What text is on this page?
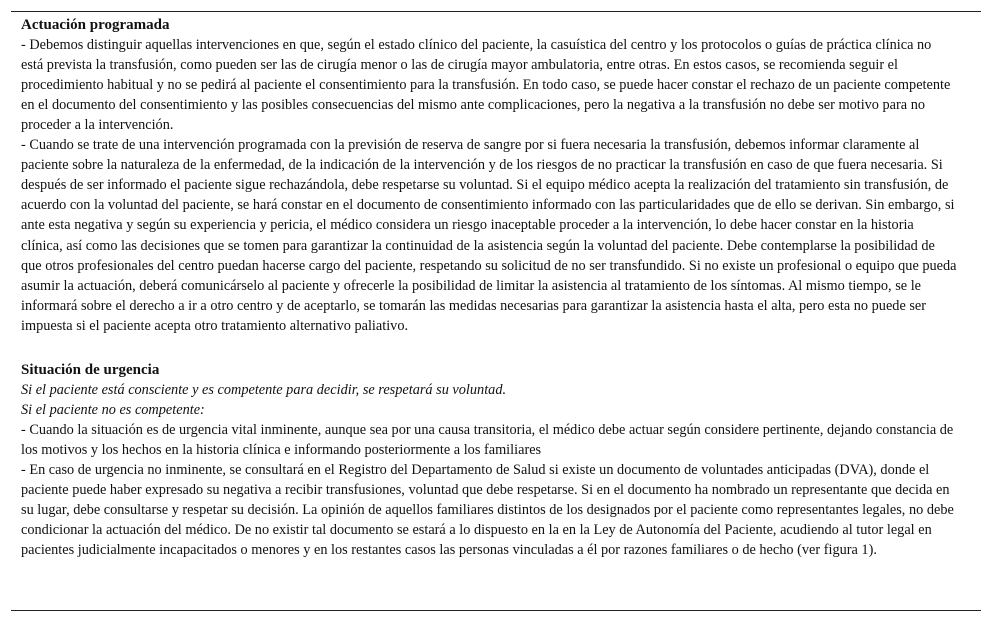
Actuación programada

- Debemos distinguir aquellas intervenciones en que, según el estado clínico del paciente, la casuística del centro y los protocolos o guías de práctica clínica no está prevista la transfusión, como pueden ser las de cirugía menor o las de cirugía mayor ambulatoria, entre otras. En estos casos, se recomienda seguir el procedimiento habitual y no se pedirá al paciente el consentimiento para la transfusión. En todo caso, se puede hacer constar el rechazo de un paciente competente en el documento del consentimiento y las posibles consecuencias del mismo ante complicaciones, pero la negativa a la transfusión no debe ser motivo para no proceder a la intervención.

- Cuando se trate de una intervención programada con la previsión de reserva de sangre por si fuera necesaria la transfusión, debemos informar claramente al paciente sobre la naturaleza de la enfermedad, de la indicación de la intervención y de los riesgos de no practicar la transfusión en caso de que fuera necesaria. Si después de ser informado el paciente sigue rechazándola, debe respetarse su voluntad. Si el equipo médico acepta la realización del tratamiento sin transfusión, de acuerdo con la voluntad del paciente, se hará constar en el documento de consentimiento informado con las particularidades que de ello se derivan. Sin embargo, si ante esta negativa y según su experiencia y pericia, el médico considera un riesgo inaceptable proceder a la intervención, lo debe hacer constar en la historia clínica, así como las decisiones que se tomen para garantizar la continuidad de la asistencia según la voluntad del paciente. Debe contemplarse la posibilidad de que otros profesionales del centro puedan hacerse cargo del paciente, respetando su solicitud de no ser transfundido. Si no existe un profesional o equipo que pueda asumir la actuación, deberá comunicárselo al paciente y ofrecerle la posibilidad de limitar la asistencia al tratamiento de los síntomas. Al mismo tiempo, se le informará sobre el derecho a ir a otro centro y de aceptarlo, se tomarán las medidas necesarias para garantizar la asistencia hasta el alta, pero esta no puede ser impuesta si el paciente acepta otro tratamiento alternativo paliativo.

Situación de urgencia

Si el paciente está consciente y es competente para decidir, se respetará su voluntad.

Si el paciente no es competente:

- Cuando la situación es de urgencia vital inminente, aunque sea por una causa transitoria, el médico debe actuar según considere pertinente, dejando constancia de los motivos y los hechos en la historia clínica e informando posteriormente a los familiares

- En caso de urgencia no inminente, se consultará en el Registro del Departamento de Salud si existe un documento de voluntades anticipadas (DVA), donde el paciente puede haber expresado su negativa a recibir transfusiones, voluntad que debe respetarse. Si en el documento ha nombrado un representante que decida en su lugar, debe consultarse y respetar su decisión. La opinión de aquellos familiares distintos de los designados por el paciente como representantes legales, no debe condicionar la actuación del médico. De no existir tal documento se estará a lo dispuesto en la en la Ley de Autonomía del Paciente, acudiendo al tutor legal en pacientes judicialmente incapacitados o menores y en los restantes casos las personas vinculadas a él por razones familiares o de hecho (ver figura 1).
